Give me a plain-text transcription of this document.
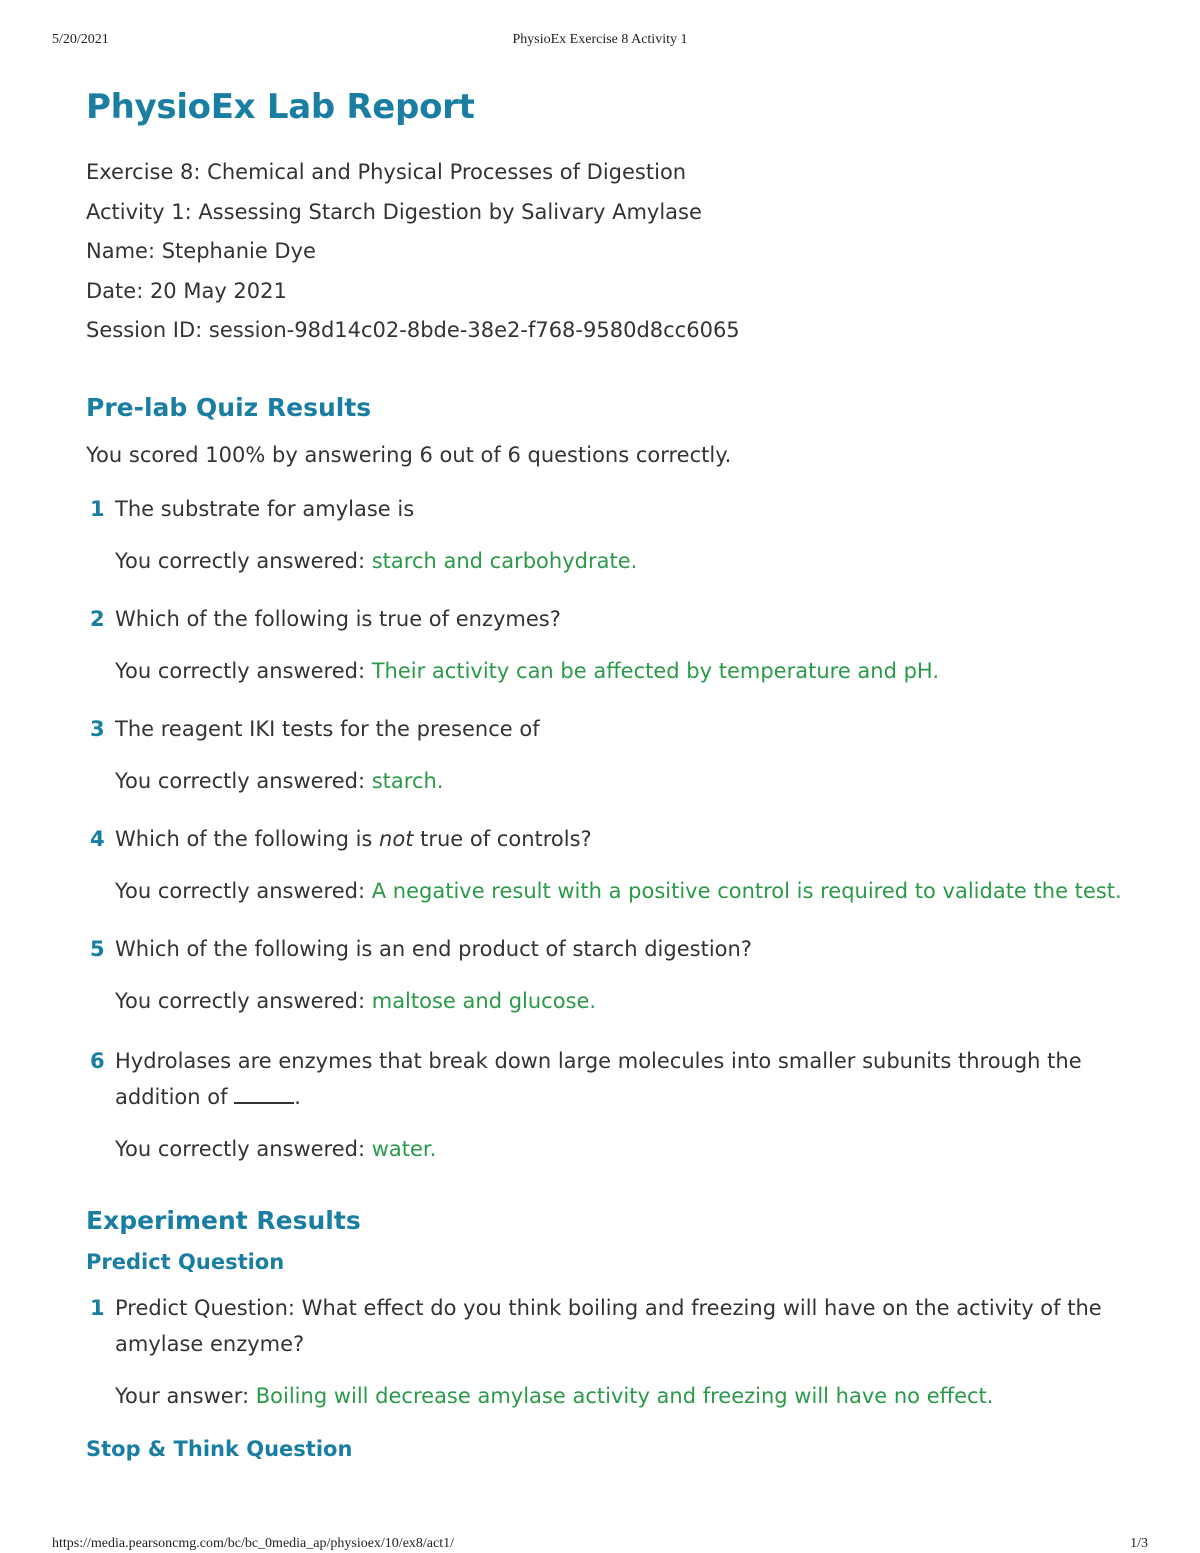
5/20/2021	PhysioEx Exercise 8 Activity 1
PhysioEx Lab Report
Exercise 8: Chemical and Physical Processes of Digestion
Activity 1: Assessing Starch Digestion by Salivary Amylase
Name: Stephanie Dye
Date: 20 May 2021
Session ID: session-98d14c02-8bde-38e2-f768-9580d8cc6065
Pre-lab Quiz Results
You scored 100% by answering 6 out of 6 questions correctly.
1 The substrate for amylase is
You correctly answered: starch and carbohydrate.
2 Which of the following is true of enzymes?
You correctly answered: Their activity can be affected by temperature and pH.
3 The reagent IKI tests for the presence of
You correctly answered: starch.
4 Which of the following is not true of controls?
You correctly answered: A negative result with a positive control is required to validate the test.
5 Which of the following is an end product of starch digestion?
You correctly answered: maltose and glucose.
6 Hydrolases are enzymes that break down large molecules into smaller subunits through the addition of	.
You correctly answered: water.
Experiment Results
Predict Question
1 Predict Question: What effect do you think boiling and freezing will have on the activity of the amylase enzyme?
Your answer: Boiling will decrease amylase activity and freezing will have no effect.
Stop & Think Question
https://media.pearsoncmg.com/bc/bc_0media_ap/physioex/10/ex8/act1/	1/3
